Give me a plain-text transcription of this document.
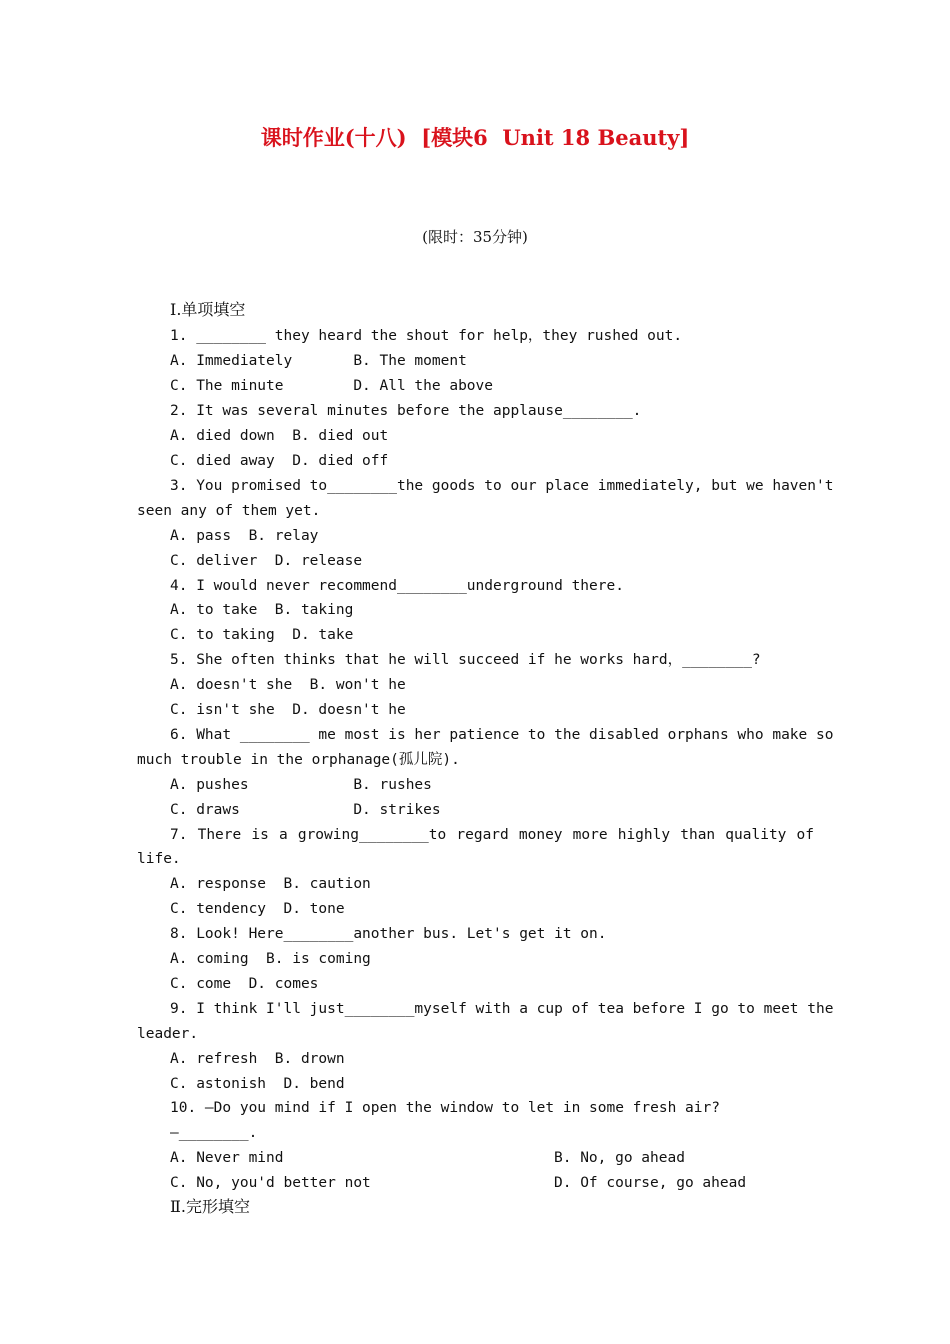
课时作业(十八)  [模块6  Unit 18 Beauty]
(限时：35分钟)
Ⅰ.单项填空
1. ________ they heard the shout for help，they rushed out.
A. Immediately       B. The moment
C. The minute        D. All the above
2. It was several minutes before the applause________.
A. died down  B. died out
C. died away  D. died off
3. You promised to________the goods to our place immediately, but we haven't
seen any of them yet.
A. pass  B. relay
C. deliver  D. release
4. I would never recommend________underground there.
A. to take  B. taking
C. to taking  D. take
5. She often thinks that he will succeed if he works hard，________?
A. doesn't she  B. won't he
C. isn't she  D. doesn't he
6. What ________ me most is her patience to the disabled orphans who make so
much trouble in the orphanage(孤儿院).
A. pushes            B. rushes
C. draws             D. strikes
7. There is a growing________to regard money more highly than quality of
life.
A. response  B. caution
C. tendency  D. tone
8. Look! Here________another bus. Let's get it on.
A. coming  B. is coming
C. come  D. comes
9. I think I'll just________myself with a cup of tea before I go to meet the
leader.
A. refresh  B. drown
C. astonish  D. bend
10. —Do you mind if I open the window to let in some fresh air?
—________.
A. Never mind	B. No, go ahead
C. No, you'd better not	D. Of course, go ahead
Ⅱ.完形填空
